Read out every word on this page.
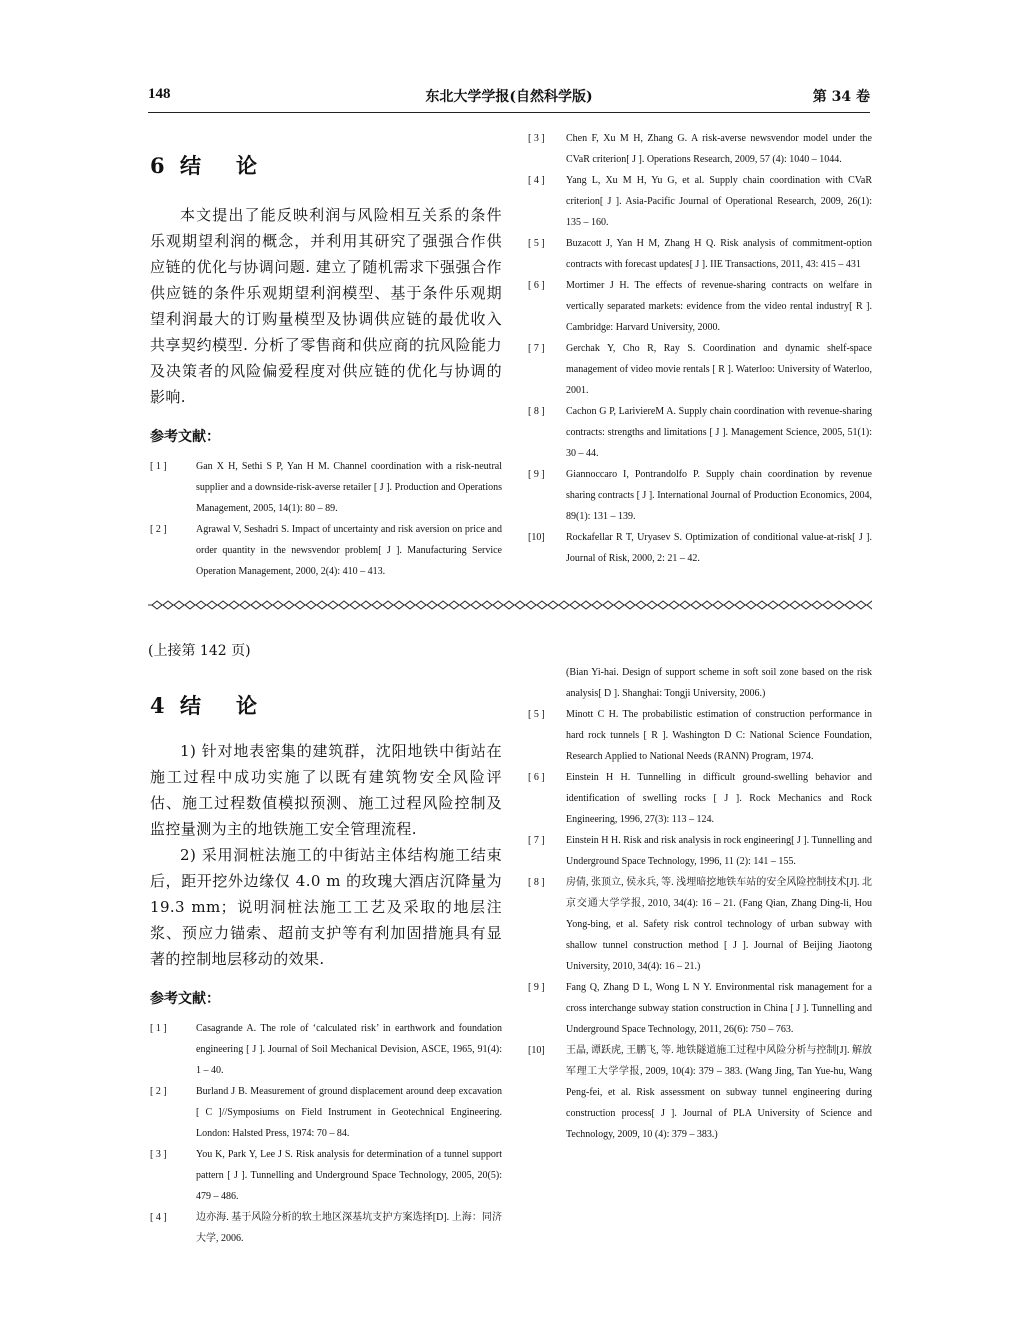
148	东北大学学报(自然科学版)	第 34 卷
6 结 论

本文提出了能反映利润与风险相互关系的条件乐观期望利润的概念，并利用其研究了强强合作供应链的优化与协调问题. 建立了随机需求下强强合作供应链的条件乐观期望利润模型、基于条件乐观期望利润最大的订购量模型及协调供应链的最优收入共享契约模型. 分析了零售商和供应商的抗风险能力及决策者的风险偏爱程度对供应链的优化与协调的影响.

参考文献：

[ 1 ]	Gan X H, Sethi S P, Yan H M. Channel coordination with a risk-neutral supplier and a downside-risk-averse retailer [ J ]. Production and Operations Management, 2005, 14(1): 80 – 89.
[ 2 ]	Agrawal V, Seshadri S. Impact of uncertainty and risk aversion on price and order quantity in the newsvendor problem[ J ]. Manufacturing Service Operation Management, 2000, 2(4): 410 – 413.
[ 3 ]	Chen F, Xu M H, Zhang G. A risk-averse newsvendor model under the CVaR criterion[ J ]. Operations Research, 2009, 57 (4): 1040 – 1044.
[ 4 ]	Yang L, Xu M H, Yu G, et al. Supply chain coordination with CVaR criterion[ J ]. Asia-Pacific Journal of Operational Research, 2009, 26(1): 135 – 160.
[ 5 ]	Buzacott J, Yan H M, Zhang H Q. Risk analysis of commitment-option contracts with forecast updates[ J ]. IIE Transactions, 2011, 43: 415 – 431
[ 6 ]	Mortimer J H. The effects of revenue-sharing contracts on welfare in vertically separated markets: evidence from the video rental industry[ R ]. Cambridge: Harvard University, 2000.
[ 7 ]	Gerchak Y, Cho R, Ray S. Coordination and dynamic shelf-space management of video movie rentals [ R ]. Waterloo: University of Waterloo, 2001.
[ 8 ]	Cachon G P, LariviereM A. Supply chain coordination with revenue-sharing contracts: strengths and limitations [ J ]. Management Science, 2005, 51(1): 30 – 44.
[ 9 ]	Giannoccaro I, Pontrandolfo P. Supply chain coordination by revenue sharing contracts [ J ]. International Journal of Production Economics, 2004, 89(1): 131 – 139.
[10]	Rockafellar R T, Uryasev S. Optimization of conditional value-at-risk[ J ]. Journal of Risk, 2000, 2: 21 – 42.
(上接第 142 页)
4 结 论

1) 针对地表密集的建筑群，沈阳地铁中街站在施工过程中成功实施了以既有建筑物安全风险评估、施工过程数值模拟预测、施工过程风险控制及监控量测为主的地铁施工安全管理流程.

2) 采用洞桩法施工的中街站主体结构施工结束后，距开挖外边缘仅 4.0 m 的玫瑰大酒店沉降量为 19.3 mm；说明洞桩法施工工艺及采取的地层注浆、预应力锚索、超前支护等有利加固措施具有显著的控制地层移动的效果.

参考文献：

[ 1 ]	Casagrande A. The role of ‘calculated risk’ in earthwork and foundation engineering [ J ]. Journal of Soil Mechanical Devision, ASCE, 1965, 91(4): 1 – 40.
[ 2 ]	Burland J B. Measurement of ground displacement around deep excavation [ C ]//Symposiums on Field Instrument in Geotechnical Engineering. London: Halsted Press, 1974: 70 – 84.
[ 3 ]	You K, Park Y, Lee J S. Risk analysis for determination of a tunnel support pattern [ J ]. Tunnelling and Underground Space Technology, 2005, 20(5): 479 – 486.
[ 4 ]	边亦海. 基于风险分析的软土地区深基坑支护方案选择[D]. 上海：同济大学, 2006.
(Bian Yi-hai. Design of support scheme in soft soil zone based on the risk analysis[ D ]. Shanghai: Tongji University, 2006.)
[ 5 ]	Minott C H. The probabilistic estimation of construction performance in hard rock tunnels [ R ]. Washington D C: National Science Foundation, Research Applied to National Needs (RANN) Program, 1974.
[ 6 ]	Einstein H H. Tunnelling in difficult ground-swelling behavior and identification of swelling rocks [ J ]. Rock Mechanics and Rock Engineering, 1996, 27(3): 113 – 124.
[ 7 ]	Einstein H H. Risk and risk analysis in rock engineering[ J ]. Tunnelling and Underground Space Technology, 1996, 11 (2): 141 – 155.
[ 8 ]	房倩, 张顶立, 侯永兵, 等. 浅埋暗挖地铁车站的安全风险控制技术[J]. 北京交通大学学报, 2010, 34(4): 16 – 21. (Fang Qian, Zhang Ding-li, Hou Yong-bing, et al. Safety risk control technology of urban subway with shallow tunnel construction method [ J ]. Journal of Beijing Jiaotong University, 2010, 34(4): 16 – 21.)
[ 9 ]	Fang Q, Zhang D L, Wong L N Y. Environmental risk management for a cross interchange subway station construction in China [ J ]. Tunnelling and Underground Space Technology, 2011, 26(6): 750 – 763.
[10]	王晶, 谭跃虎, 王鹏飞, 等. 地铁隧道施工过程中风险分析与控制[J]. 解放军理工大学学报, 2009, 10(4): 379 – 383. (Wang Jing, Tan Yue-hu, Wang Peng-fei, et al. Risk assessment on subway tunnel engineering during construction process[ J ]. Journal of PLA University of Science and Technology, 2009, 10 (4): 379 – 383.)
